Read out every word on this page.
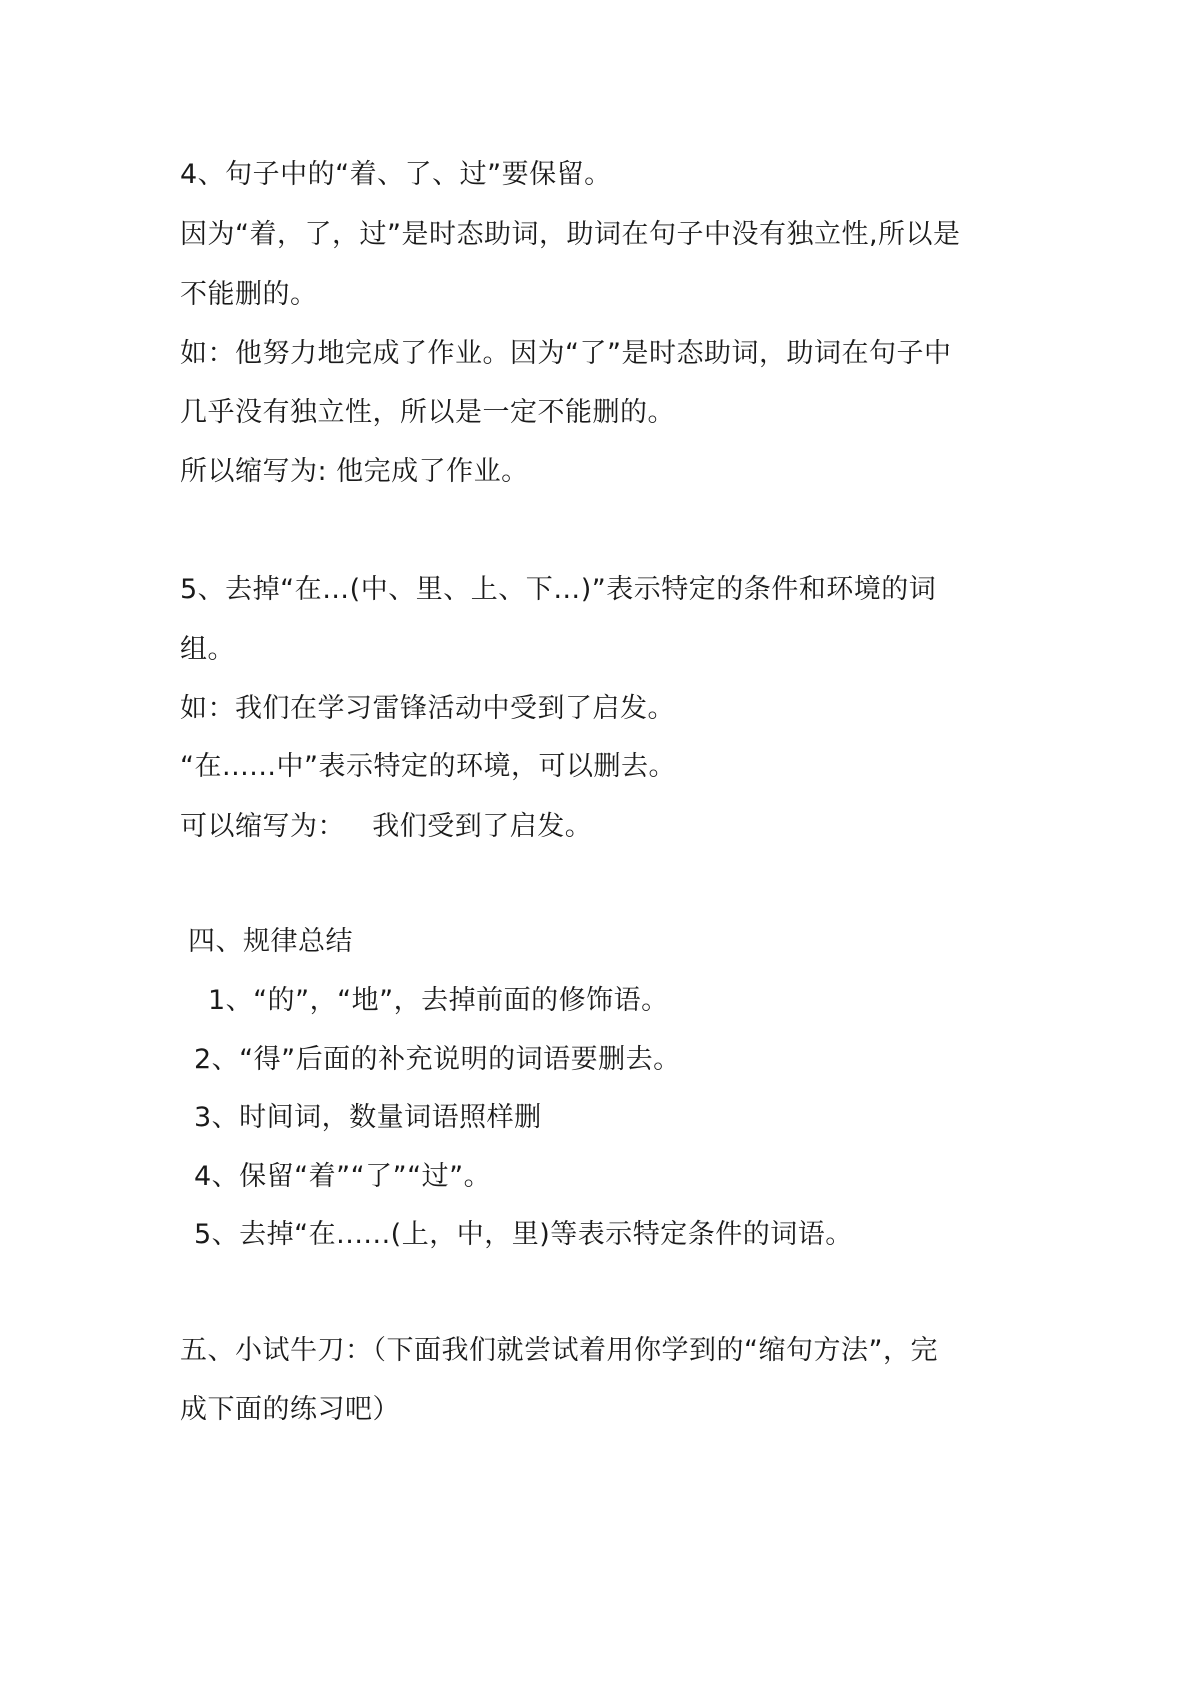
4、句子中的“着、了、过”要保留。
因为“着，了，过”是时态助词，助词在句子中没有独立性,所以是
不能删的。
如：他努力地完成了作业。因为“了”是时态助词，助词在句子中
几乎没有独立性，所以是一定不能删的。
所以缩写为: 他完成了作业。
5、去掉“在…(中、里、上、下…)”表示特定的条件和环境的词
组。
如：我们在学习雷锋活动中受到了启发。
“在......中”表示特定的环境，可以删去。
可以缩写为：   我们受到了启发。
四、规律总结
1、“的”，“地”，去掉前面的修饰语。
2、“得”后面的补充说明的词语要删去。
3、时间词，数量词语照样删
4、保留“着”“了”“过”。
5、去掉“在......(上，中，里)等表示特定条件的词语。
五、小试牛刀：（下面我们就尝试着用你学到的“缩句方法”，完
成下面的练习吧）
